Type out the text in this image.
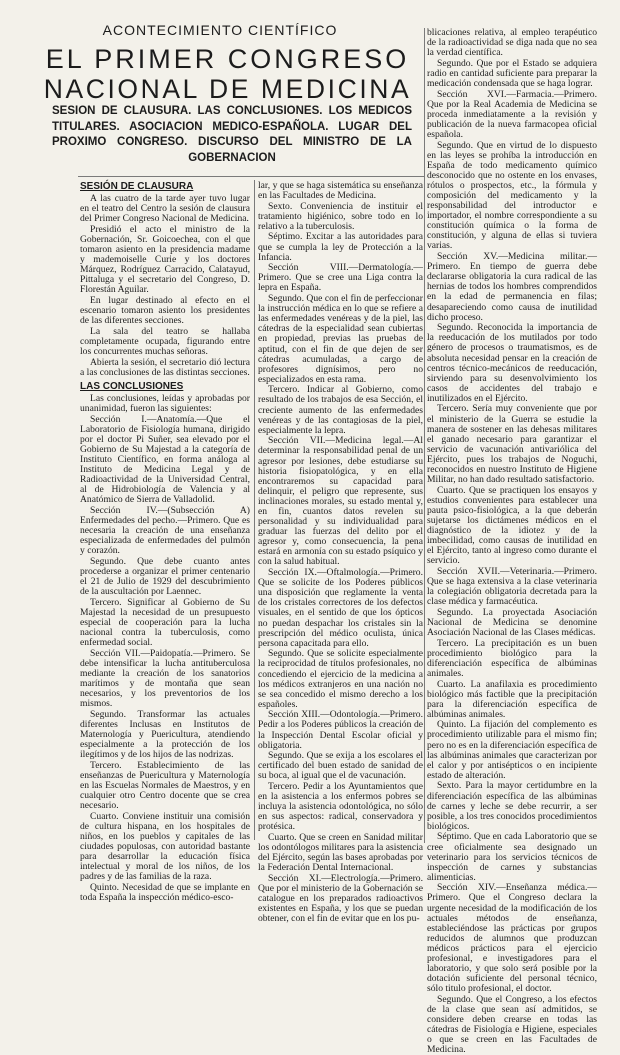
ACONTECIMIENTO CIENTÍFICO
EL PRIMER CONGRESO
NACIONAL DE MEDICINA
SESION DE CLAUSURA. LAS CONCLUSIONES. LOS MEDICOS TITULARES. ASOCIACION MEDICO-ESPAÑOLA. LUGAR DEL PROXIMO CONGRESO. DISCURSO DEL MINISTRO DE LA GOBERNACION

SESIÓN DE CLAUSURA

A las cuatro de la tarde ayer tuvo lugar en el teatro del Centro la sesión de clausura del Primer Congreso Nacional de Medicina.

Presidió el acto el ministro de la Gobernación, Sr. Goicoechea, con el que tomaron asiento en la presidencia madame y mademoiselle Curie y los doctores Márquez, Rodríguez Carracido, Calatayud, Pittaluga y el secretario del Congreso, D. Florestán Aguilar.

En lugar destinado al efecto en el escenario tomaron asiento los presidentes de las diferentes secciones.

La sala del teatro se hallaba completamente ocupada, figurando entre los concurrentes muchas señoras.

Abierta la sesión, el secretario dió lectura a las conclusiones de las distintas secciones.

LAS CONCLUSIONES

Las conclusiones, leídas y aprobadas por unanimidad, fueron las siguientes:

Sección I.—Anatomía.—Que el Laboratorio de Fisiología humana, dirigido por el doctor Pi Suñer, sea elevado por el Gobierno de Su Majestad a la categoría de Instituto Científico, en forma análoga al Instituto de Medicina Legal y de Radioactividad de la Universidad Central, al de Hidrobiología de Valencia y al Anatómico de Sierra de Valladolid.

Sección IV.—(Subsección A) Enfermedades del pecho.—Primero. Que es necesaria la creación de una enseñanza especializada de enfermedades del pulmón y corazón.

Segundo. Que debe cuanto antes procederse a organizar el primer centenario el 21 de Julio de 1929 del descubrimiento de la auscultación por Laennec.

Tercero. Significar al Gobierno de Su Majestad la necesidad de un presupuesto especial de cooperación para la lucha nacional contra la tuberculosis, como enfermedad social.

Sección VII.—Paidopatía.—Primero. Se debe intensificar la lucha antituberculosa mediante la creación de los sanatorios marítimos y de montaña que sean necesarios, y los preventorios de los mismos.

Segundo. Transformar las actuales diferentes Inclusas en Institutos de Maternología y Puericultura, atendiendo especialmente a la protección de los ilegítimos y de los hijos de las nodrizas.

Tercero. Establecimiento de las enseñanzas de Puericultura y Maternología en las Escuelas Normales de Maestros, y en cualquier otro Centro docente que se crea necesario.

Cuarto. Conviene instituir una comisión de cultura hispana, en los hospitales de niños, en los pueblos y capitales de las ciudades populosas, con autoridad bastante para desarrollar la educación física intelectual y moral de los niños, de los padres y de las familias de la raza.

Quinto. Necesidad de que se implante en toda España la inspección médico-esco-

lar, y que se haga sistemática su enseñanza en las Facultades de Medicina.

Sexto. Conveniencia de instituir el tratamiento higiénico, sobre todo en lo relativo a la tuberculosis.

Séptimo. Excitar a las autoridades para que se cumpla la ley de Protección a la Infancia.

Sección VIII.—Dermatología.—Primero. Que se cree una Liga contra la lepra en España.

Segundo. Que con el fin de perfeccionar la instrucción médica en lo que se refiere a las enfermedades venéreas y de la piel, las cátedras de la especialidad sean cubiertas en propiedad, previas las pruebas de aptitud, con el fin de que dejen de ser cátedras acumuladas, a cargo de profesores dignísimos, pero no especializados en esta rama.

Tercero. Indicar al Gobierno, como resultado de los trabajos de esa Sección, el creciente aumento de las enfermedades venéreas y de las contagiosas de la piel, especialmente la lepra.

Sección VII.—Medicina legal.—Al determinar la responsabilidad penal de un agresor por lesiones, debe estudiarse su historia fisiopatológica, y en ella encontraremos su capacidad para delinquir, el peligro que represente, sus inclinaciones morales, su estado mental y, en fin, cuantos datos revelen su personalidad y su individualidad para graduar las fuerzas del delito por el agresor y, como consecuencia, la pena estará en armonía con su estado psíquico y con la salud habitual.

Sección IX.—Oftalmología.—Primero. Que se solicite de los Poderes públicos una disposición que reglamente la venta de los cristales correctores de los defectos visuales, en el sentido de que los ópticos no puedan despachar los cristales sin la prescripción del médico oculista, única persona capacitada para ello.

Segundo. Que se solicite especialmente la reciprocidad de títulos profesionales, no concediendo el ejercicio de la medicina a los médicos extranjeros en una nación no se sea concedido el mismo derecho a los españoles.

Sección XIII.—Odontología.—Primero. Pedir a los Poderes públicos la creación de la Inspección Dental Escolar oficial y obligatoria.

Segundo. Que se exija a los escolares el certificado del buen estado de sanidad de su boca, al igual que el de vacunación.

Tercero. Pedir a los Ayuntamientos que en la asistencia a los enfermos pobres se incluya la asistencia odontológica, no sólo en sus aspectos: radical, conservadora y protésica.

Cuarto. Que se creen en Sanidad militar los odontólogos militares para la asistencia del Ejército, según las bases aprobadas por la Federación Dental Internacional.

Sección XI.—Electrología.—Primero. Que por el ministerio de la Gobernación se catalogue en los preparados radioactivos existentes en España, y los que se puedan obtener, con el fin de evitar que en los pu-

blicaciones relativa, al empleo terapéutico de la radioactividad se diga nada que no sea la verdad científica.

Segundo. Que por el Estado se adquiera radio en cantidad suficiente para preparar la medicación condensada que se haga lograr.

Sección XVI.—Farmacia.—Primero. Que por la Real Academia de Medicina se proceda inmediatamente a la revisión y publicación de la nueva farmacopea oficial española.

Segundo. Que en virtud de lo dispuesto en las leyes se prohíba la introducción en España de todo medicamento químico desconocido que no ostente en los envases, rótulos o prospectos, etc., la fórmula y composición del medicamento y la responsabilidad del introductor e importador, el nombre correspondiente a su constitución química o la forma de constitución, y alguna de ellas si tuviera varias.

Sección XV.—Medicina militar.—Primero. En tiempo de guerra debe declararse obligatoria la cura radical de las hernias de todos los hombres comprendidos en la edad de permanencia en filas; desapareciendo como causa de inutilidad dicho proceso.

Segundo. Reconocida la importancia de la reeducación de los mutilados por todo género de procesos o traumatismos, es de absoluta necesidad pensar en la creación de centros técnico-mecánicos de reeducación, sirviendo para su desenvolvimiento los casos de accidentes del trabajo e inutilizados en el Ejército.

Tercero. Sería muy conveniente que por el ministerio de la Guerra se estudie la manera de sostener en las dehesas militares el ganado necesario para garantizar el servicio de vacunación antivariólica del Ejército, pues los trabajos de Noguchi, reconocidos en nuestro Instituto de Higiene Militar, no han dado resultado satisfactorio.

Cuarto. Que se practiquen los ensayos y estudios convenientes para establecer una pauta psico-fisiológica, a la que deberán sujetarse los dictámenes médicos en el diagnóstico de la idiotez y de la imbecilidad, como causas de inutilidad en el Ejército, tanto al ingreso como durante el servicio.

Sección XVII.—Veterinaria.—Primero. Que se haga extensiva a la clase veterinaria la colegiación obligatoria decretada para la clase médica y farmacéutica.

Segundo. La proyectada Asociación Nacional de Medicina se denomine Asociación Nacional de las Clases médicas.

Tercero. La precipitación es un buen procedimiento biológico para la diferenciación específica de albúminas animales.

Cuarto. La anafilaxia es procedimiento biológico más factible que la precipitación para la diferenciación específica de albúminas animales.

Quinto. La fijación del complemento es procedimiento utilizable para el mismo fin; pero no es en la diferenciación específica de las albúminas animales que caracterizan por el calor y por antisépticos o en incipiente estado de alteración.

Sexto. Para la mayor certidumbre en la diferenciación específica de las albúminas de carnes y leche se debe recurrir, a ser posible, a los tres conocidos procedimientos biológicos.

Séptimo. Que en cada Laboratorio que se cree oficialmente sea designado un veterinario para los servicios técnicos de inspección de carnes y substancias alimenticias.

Sección XIV.—Enseñanza médica.—Primero. Que el Congreso declara la urgente necesidad de la modificación de los actuales métodos de enseñanza, estableciéndose las prácticas por grupos reducidos de alumnos que produzcan médicos prácticos para el ejercicio profesional, e investigadores para el laboratorio, y que solo será posible por la dotación suficiente del personal técnico, sólo titulo profesional, el doctor.

Segundo. Que el Congreso, a los efectos de la clase que sean así admitidos, se considere deben crearse en todas las cátedras de Fisiología e Higiene, especiales o que se creen en las Facultades de Medicina.
